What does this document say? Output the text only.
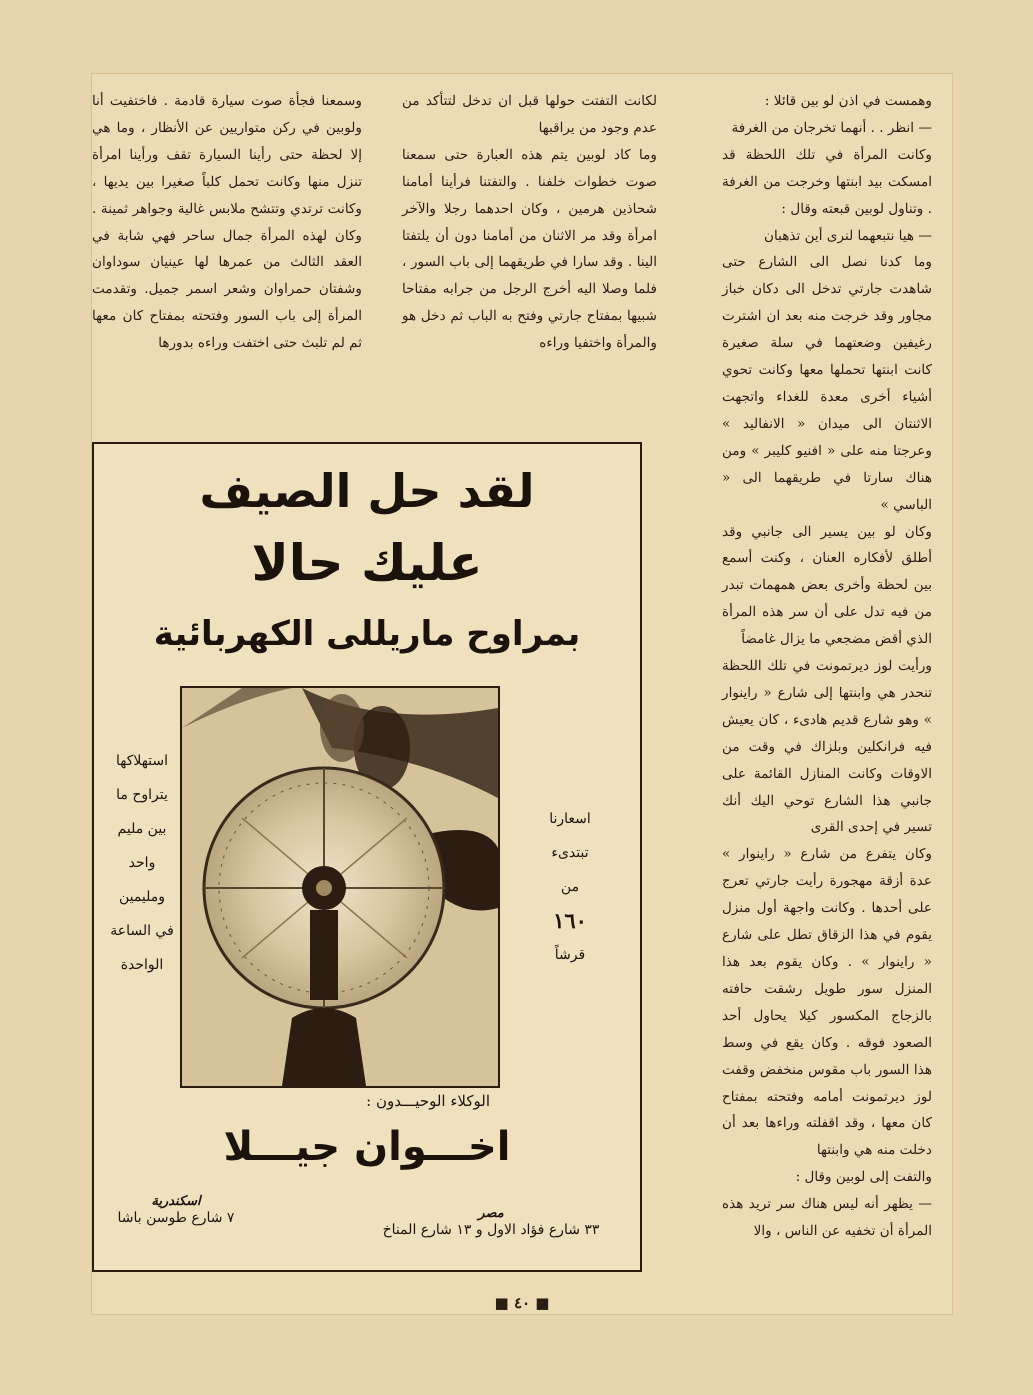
وهمست في اذن لو بين قائلا :

— انظر . . أنهما تخرجان من الغرفة

وكانت المرأة في تلك اللحظة قد امسكت بيد ابنتها وخرجت من الغرفة . وتناول لوبين قبعته وقال :

— هيا نتبعهما لنرى أين تذهبان

وما كدنا نصل الى الشارع حتى شاهدت جارتي تدخل الى دكان خباز مجاور وقد خرجت منه بعد ان اشترت رغيفين وضعتهما في سلة صغيرة كانت ابنتها تحملها معها وكانت تحوي أشياء أخرى معدة للغداء واتجهت الاثنتان الى ميدان « الانفاليد » وعرجتا منه على « افنيو كليبر » ومن هناك سارتا في طريقهما الى « الباسي »

وكان لو بين يسير الى جانبي وقد أطلق لأفكاره العنان ، وكنت أسمع بين لحظة وأخرى بعض همهمات تبدر من فيه تدل على أن سر هذه المرأة الذي أقض مضجعي ما يزال غامضاً

ورأيت لوز ديرتمونت في تلك اللحظة تنحدر هي وابنتها إلى شارع « راينوار » وهو شارع قديم هادىء ، كان يعيش فيه فرانكلين وبلزاك في وقت من الاوقات وكانت المنازل القائمة على جانبي هذا الشارع توحي اليك أنك تسير في إحدى القرى

وكان يتفرع من شارع « راينوار » عدة أزقة مهجورة رأيت جارتي تعرج على أحدها . وكانت واجهة أول منزل يقوم في هذا الزقاق تطل على شارع « راينوار » . وكان يقوم بعد هذا المنزل سور طويل رشقت حافته بالزجاج المكسور كيلا يحاول أحد الصعود فوقه . وكان يقع في وسط هذا السور باب مقوس منخفض وقفت لوز ديرتمونت أمامه وفتحته بمفتاح كان معها ، وقد اقفلته وراءها بعد أن دخلت منه هي وابنتها

والتفت إلى لوبين وقال :

— يظهر أنه ليس هناك سر تريد هذه المرأة أن تخفيه عن الناس ، والا

لكانت التفتت حولها قبل ان تدخل لتتأكد من عدم وجود من يراقبها

وما كاد لوبين يتم هذه العبارة حتى سمعنا صوت خطوات خلفنا . والتفتنا فرأينا أمامنا شحاذين هرمين ، وكان احدهما رجلا والآخر امرأة وقد مر الاثنان من أمامنا دون أن يلتفتا الينا . وقد سارا في طريقهما إلى باب السور ، فلما وصلا اليه أخرج الرجل من جرابه مفتاحا شبيها بمفتاح جارتي وفتح به الباب ثم دخل هو والمرأة واختفيا وراءه

وسمعنا فجأة صوت سيارة قادمة . فاختفيت أنا ولوبين في ركن متواريين عن الأنظار ، وما هي إلا لحظة حتى رأينا السيارة تقف ورأينا امرأة تنزل منها وكانت تحمل كلباً صغيرا بين يديها ، وكانت ترتدي وتتشح ملابس غالية وجواهر ثمينة . وكان لهذه المرأة جمال ساحر فهي شابة في العقد الثالث من عمرها لها عينيان سوداوان وشفتان حمراوان وشعر اسمر جميل. وتقدمت المرأة إلى باب السور وفتحته بمفتاح كان معها ثم لم تلبث حتى اختفت وراءه بدورها

لقد حل الصيف
عليك حالا
بمراوح ماريللى الكهربائية
استهلاكها
يتراوح ما
بين مليم
واحد
ومليمين
في الساعة
الواحدة
اسعارنا
تبتدىء
من
١٦٠
قرشاً
الوكلاء الوحيـــدون :
اخـــوان جيـــلا
مصر
٣٣ شارع فؤاد الاول و ١٣ شارع المناخ
اسكندرية
٧ شارع طوسن باشا
■ ٤٠ ■
